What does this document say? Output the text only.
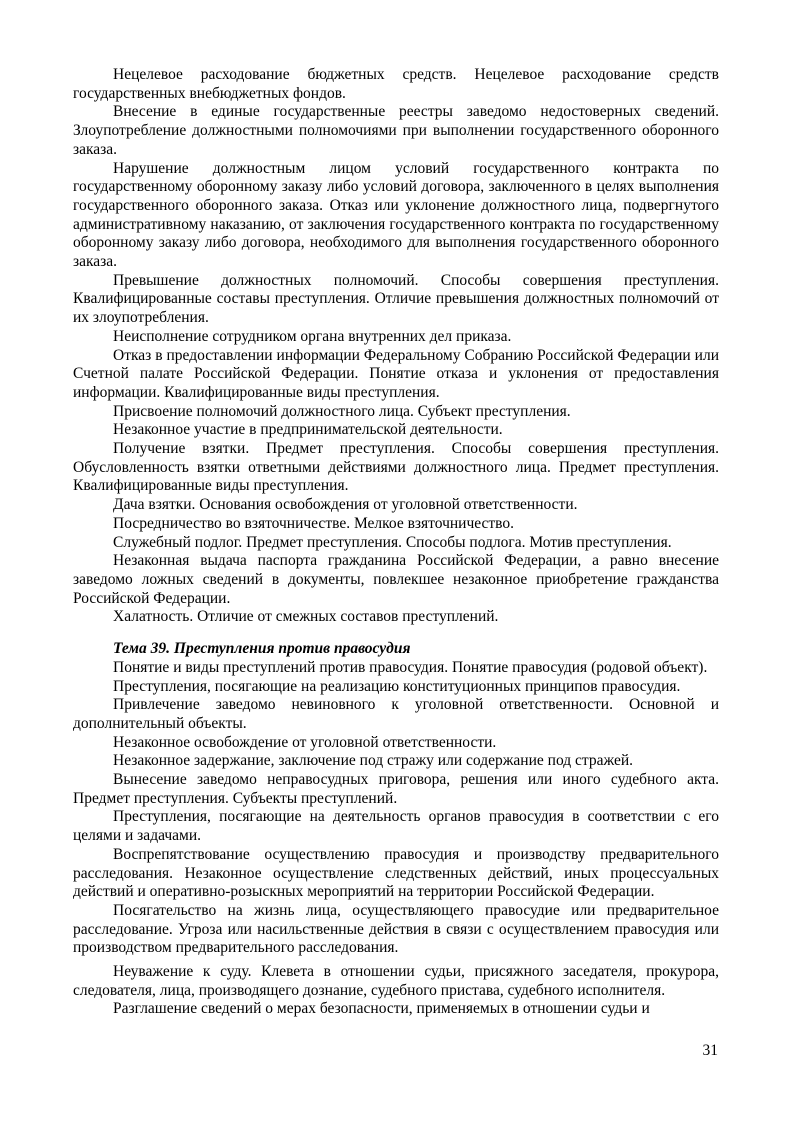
Нецелевое расходование бюджетных средств. Нецелевое расходование средств государственных внебюджетных фондов.

Внесение в единые государственные реестры заведомо недостоверных сведений. Злоупотребление должностными полномочиями при выполнении государственного оборонного заказа.

Нарушение должностным лицом условий государственного контракта по государственному оборонному заказу либо условий договора, заключенного в целях выполнения государственного оборонного заказа. Отказ или уклонение должностного лица, подвергнутого административному наказанию, от заключения государственного контракта по государственному оборонному заказу либо договора, необходимого для выполнения государственного оборонного заказа.

Превышение должностных полномочий. Способы совершения преступления. Квалифицированные составы преступления. Отличие превышения должностных полномочий от их злоупотребления.

Неисполнение сотрудником органа внутренних дел приказа.

Отказ в предоставлении информации Федеральному Собранию Российской Федерации или Счетной палате Российской Федерации. Понятие отказа и уклонения от предоставления информации. Квалифицированные виды преступления.

Присвоение полномочий должностного лица. Субъект преступления.

Незаконное участие в предпринимательской деятельности.

Получение взятки. Предмет преступления. Способы совершения преступления. Обусловленность взятки ответными действиями должностного лица. Предмет преступления. Квалифицированные виды преступления.

Дача взятки. Основания освобождения от уголовной ответственности.

Посредничество во взяточничестве. Мелкое взяточничество.

Служебный подлог. Предмет преступления. Способы подлога. Мотив преступления.

Незаконная выдача паспорта гражданина Российской Федерации, а равно внесение заведомо ложных сведений в документы, повлекшее незаконное приобретение гражданства Российской Федерации.

Халатность. Отличие от смежных составов преступлений.

Тема 39. Преступления против правосудия

Понятие и виды преступлений против правосудия. Понятие правосудия (родовой объект).

Преступления, посягающие на реализацию конституционных принципов правосудия.

Привлечение заведомо невиновного к уголовной ответственности. Основной и дополнительный объекты.

Незаконное освобождение от уголовной ответственности.

Незаконное задержание, заключение под стражу или содержание под стражей.

Вынесение заведомо неправосудных приговора, решения или иного судебного акта. Предмет преступления. Субъекты преступлений.

Преступления, посягающие на деятельность органов правосудия в соответствии с его целями и задачами.

Воспрепятствование осуществлению правосудия и производству предварительного расследования. Незаконное осуществление следственных действий, иных процессуальных действий и оперативно-розыскных мероприятий на территории Российской Федерации.

Посягательство на жизнь лица, осуществляющего правосудие или предварительное расследование. Угроза или насильственные действия в связи с осуществлением правосудия или производством предварительного расследования.

Неуважение к суду. Клевета в отношении судьи, присяжного заседателя, прокурора, следователя, лица, производящего дознание, судебного пристава, судебного исполнителя.

Разглашение сведений о мерах безопасности, применяемых в отношении судьи и

31
